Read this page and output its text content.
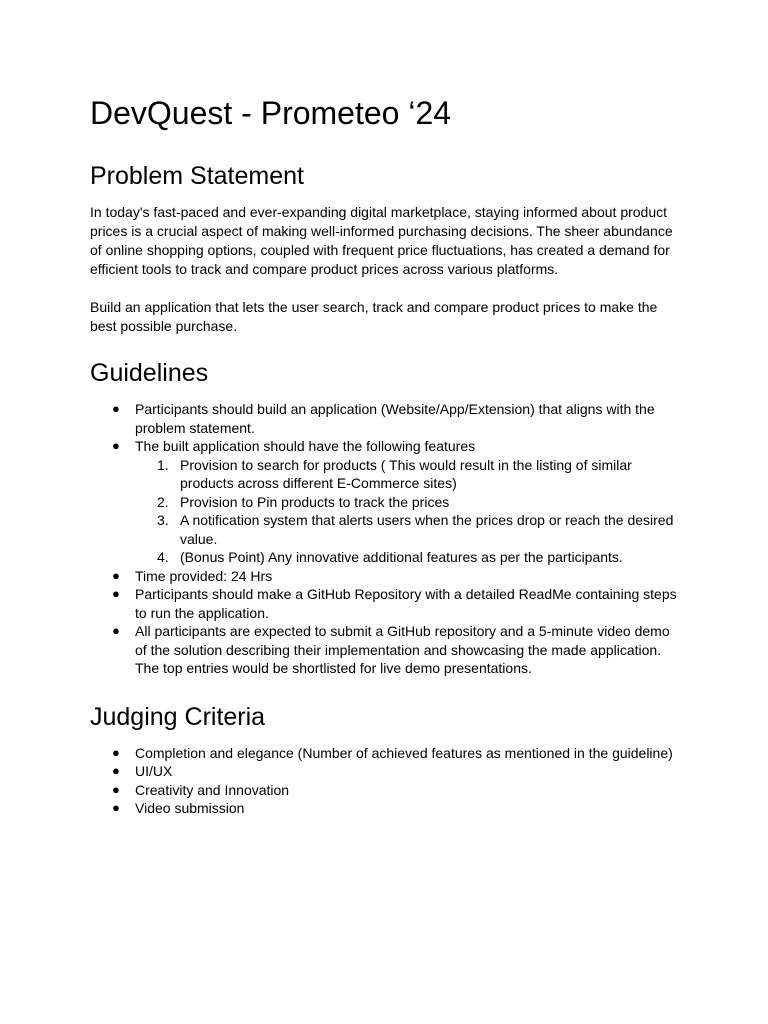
DevQuest - Prometeo ‘24
Problem Statement

In today's fast-paced and ever-expanding digital marketplace, staying informed about product prices is a crucial aspect of making well-informed purchasing decisions. The sheer abundance of online shopping options, coupled with frequent price fluctuations, has created a demand for efficient tools to track and compare product prices across various platforms.

Build an application that lets the user search, track and compare product prices to make the best possible purchase.

Guidelines
● Participants should build an application (Website/App/Extension) that aligns with the problem statement.
● The built application should have the following features
1. Provision to search for products ( This would result in the listing of similar products across different E-Commerce sites)
2. Provision to Pin products to track the prices
3. A notification system that alerts users when the prices drop or reach the desired value.
4. (Bonus Point) Any innovative additional features as per the participants.
● Time provided: 24 Hrs
● Participants should make a GitHub Repository with a detailed ReadMe containing steps to run the application.
● All participants are expected to submit a GitHub repository and a 5-minute video demo of the solution describing their implementation and showcasing the made application. The top entries would be shortlisted for live demo presentations.
Judging Criteria
● Completion and elegance (Number of achieved features as mentioned in the guideline)
● UI/UX
● Creativity and Innovation
● Video submission
